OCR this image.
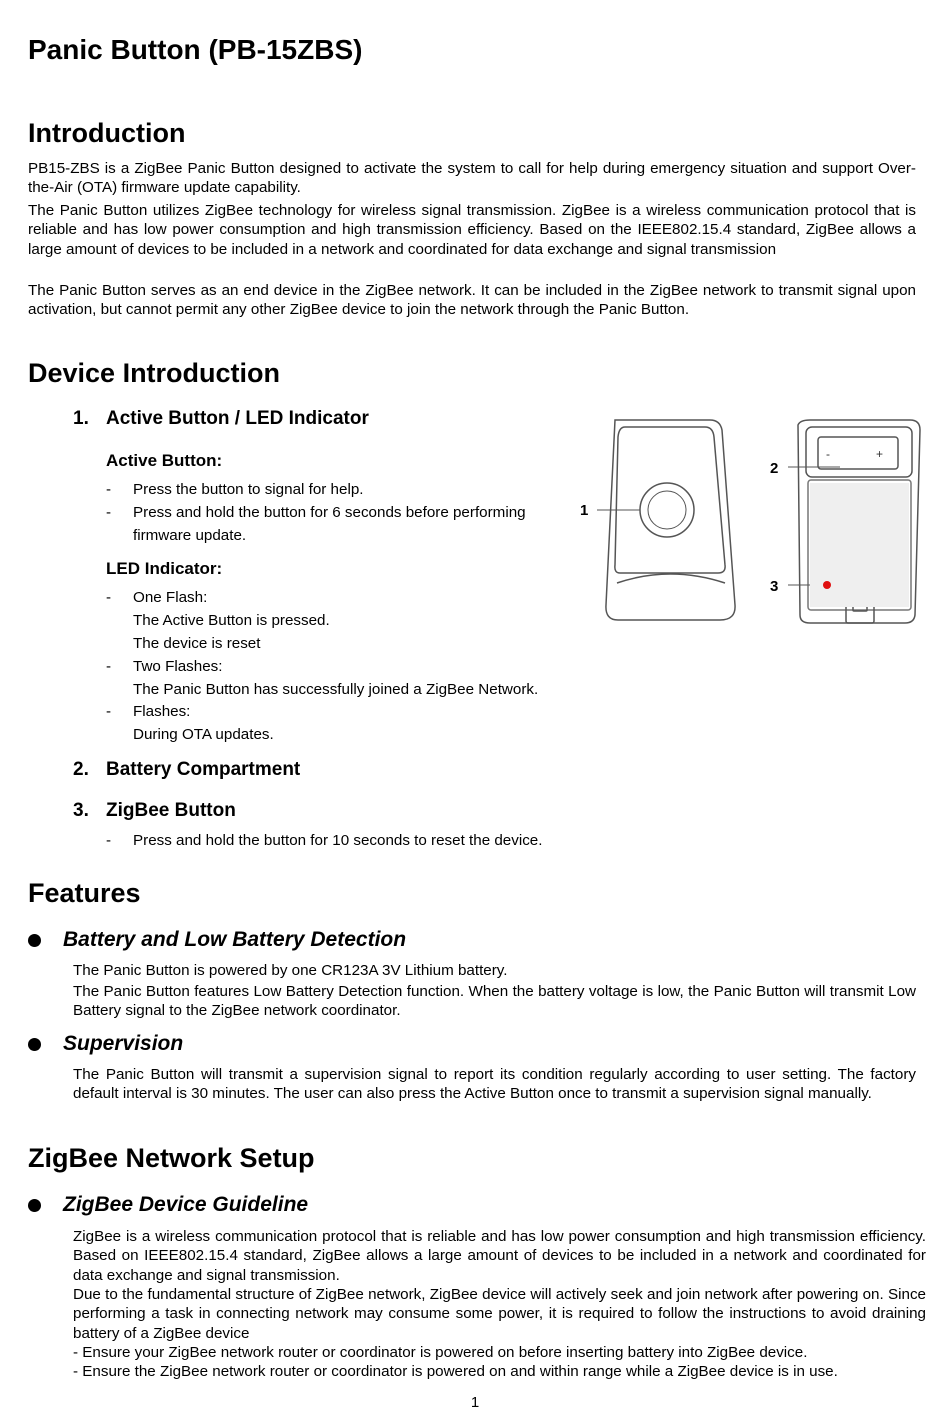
Panic Button (PB-15ZBS)
Introduction

PB15-ZBS is a ZigBee Panic Button designed to activate the system to call for help during emergency situation and support Over-the-Air (OTA) firmware update capability.

The Panic Button utilizes ZigBee technology for wireless signal transmission. ZigBee is a wireless communication protocol that is reliable and has low power consumption and high transmission efficiency. Based on the IEEE802.15.4 standard, ZigBee allows a large amount of devices to be included in a network and coordinated for data exchange and signal transmission

The Panic Button serves as an end device in the ZigBee network. It can be included in the ZigBee network to transmit signal upon activation, but cannot permit any other ZigBee device to join the network through the Panic Button.

Device Introduction
1. Active Button / LED Indicator
Active Button:
- Press the button to signal for help.
- Press and hold the button for 6 seconds before performing
firmware update.
LED Indicator:
- One Flash:
The Active Button is pressed.
The device is reset
- Two Flashes:
The Panic Button has successfully joined a ZigBee Network.
- Flashes:
During OTA updates.
2. Battery Compartment
3. ZigBee Button
- Press and hold the button for 10 seconds to reset the device.
1
2
3
-	+
Features
Battery and Low Battery Detection

The Panic Button is powered by one CR123A 3V Lithium battery.

The Panic Button features Low Battery Detection function. When the battery voltage is low, the Panic Button will transmit Low Battery signal to the ZigBee network coordinator.

Supervision

The Panic Button will transmit a supervision signal to report its condition regularly according to user setting. The factory default interval is 30 minutes. The user can also press the Active Button once to transmit a supervision signal manually.

ZigBee Network Setup
ZigBee Device Guideline

ZigBee is a wireless communication protocol that is reliable and has low power consumption and high transmission efficiency. Based on IEEE802.15.4 standard, ZigBee allows a large amount of devices to be included in a network and coordinated for data exchange and signal transmission.

Due to the fundamental structure of ZigBee network, ZigBee device will actively seek and join network after powering on. Since performing a task in connecting network may consume some power, it is required to follow the instructions to avoid draining battery of a ZigBee device

- Ensure your ZigBee network router or coordinator is powered on before inserting battery into ZigBee device.

- Ensure the ZigBee network router or coordinator is powered on and within range while a ZigBee device is in use.

1
